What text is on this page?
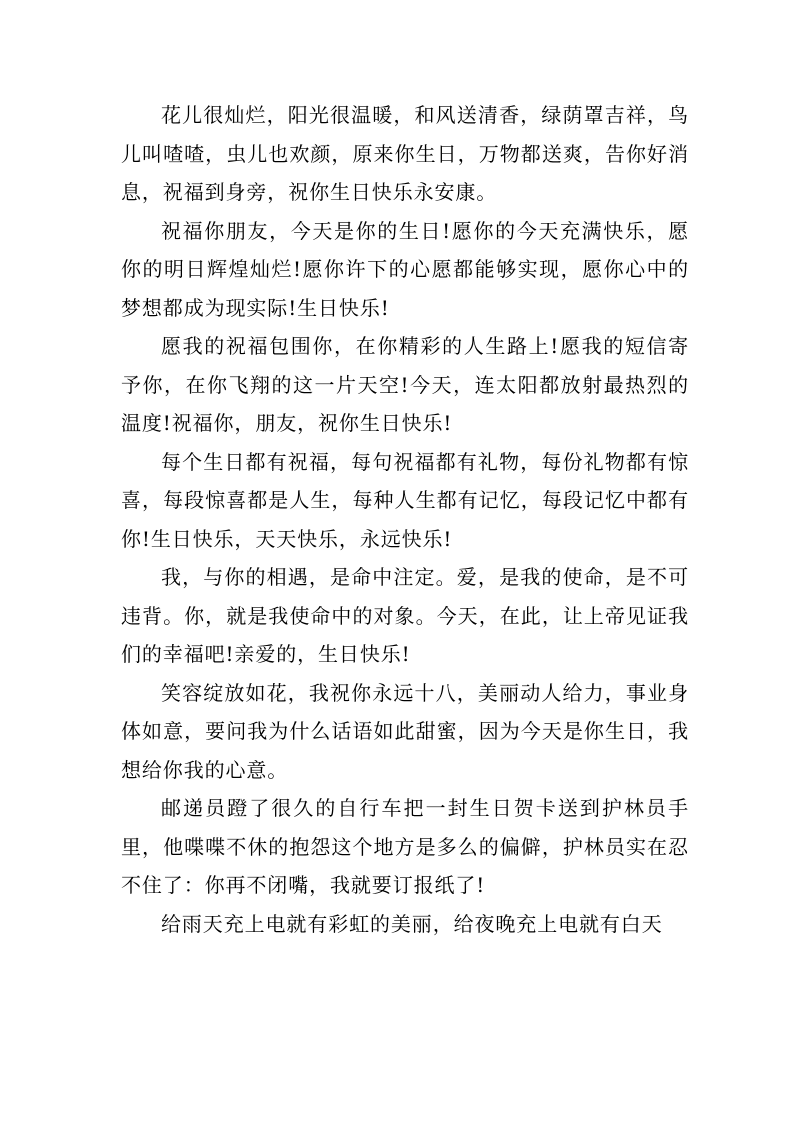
花儿很灿烂，阳光很温暖，和风送清香，绿荫罩吉祥，鸟儿叫喳喳，虫儿也欢颜，原来你生日，万物都送爽，告你好消息，祝福到身旁，祝你生日快乐永安康。

祝福你朋友，今天是你的生日!愿你的今天充满快乐，愿你的明日辉煌灿烂!愿你许下的心愿都能够实现，愿你心中的梦想都成为现实际!生日快乐!

愿我的祝福包围你，在你精彩的人生路上!愿我的短信寄予你，在你飞翔的这一片天空!今天，连太阳都放射最热烈的温度!祝福你，朋友，祝你生日快乐!

每个生日都有祝福，每句祝福都有礼物，每份礼物都有惊喜，每段惊喜都是人生，每种人生都有记忆，每段记忆中都有你!生日快乐，天天快乐，永远快乐!

我，与你的相遇，是命中注定。爱，是我的使命，是不可违背。你，就是我使命中的对象。今天，在此，让上帝见证我们的幸福吧!亲爱的，生日快乐!

笑容绽放如花，我祝你永远十八，美丽动人给力，事业身体如意，要问我为什么话语如此甜蜜，因为今天是你生日，我想给你我的心意。

邮递员蹬了很久的自行车把一封生日贺卡送到护林员手里，他喋喋不休的抱怨这个地方是多么的偏僻，护林员实在忍不住了：你再不闭嘴，我就要订报纸了!

给雨天充上电就有彩虹的美丽，给夜晚充上电就有白天
